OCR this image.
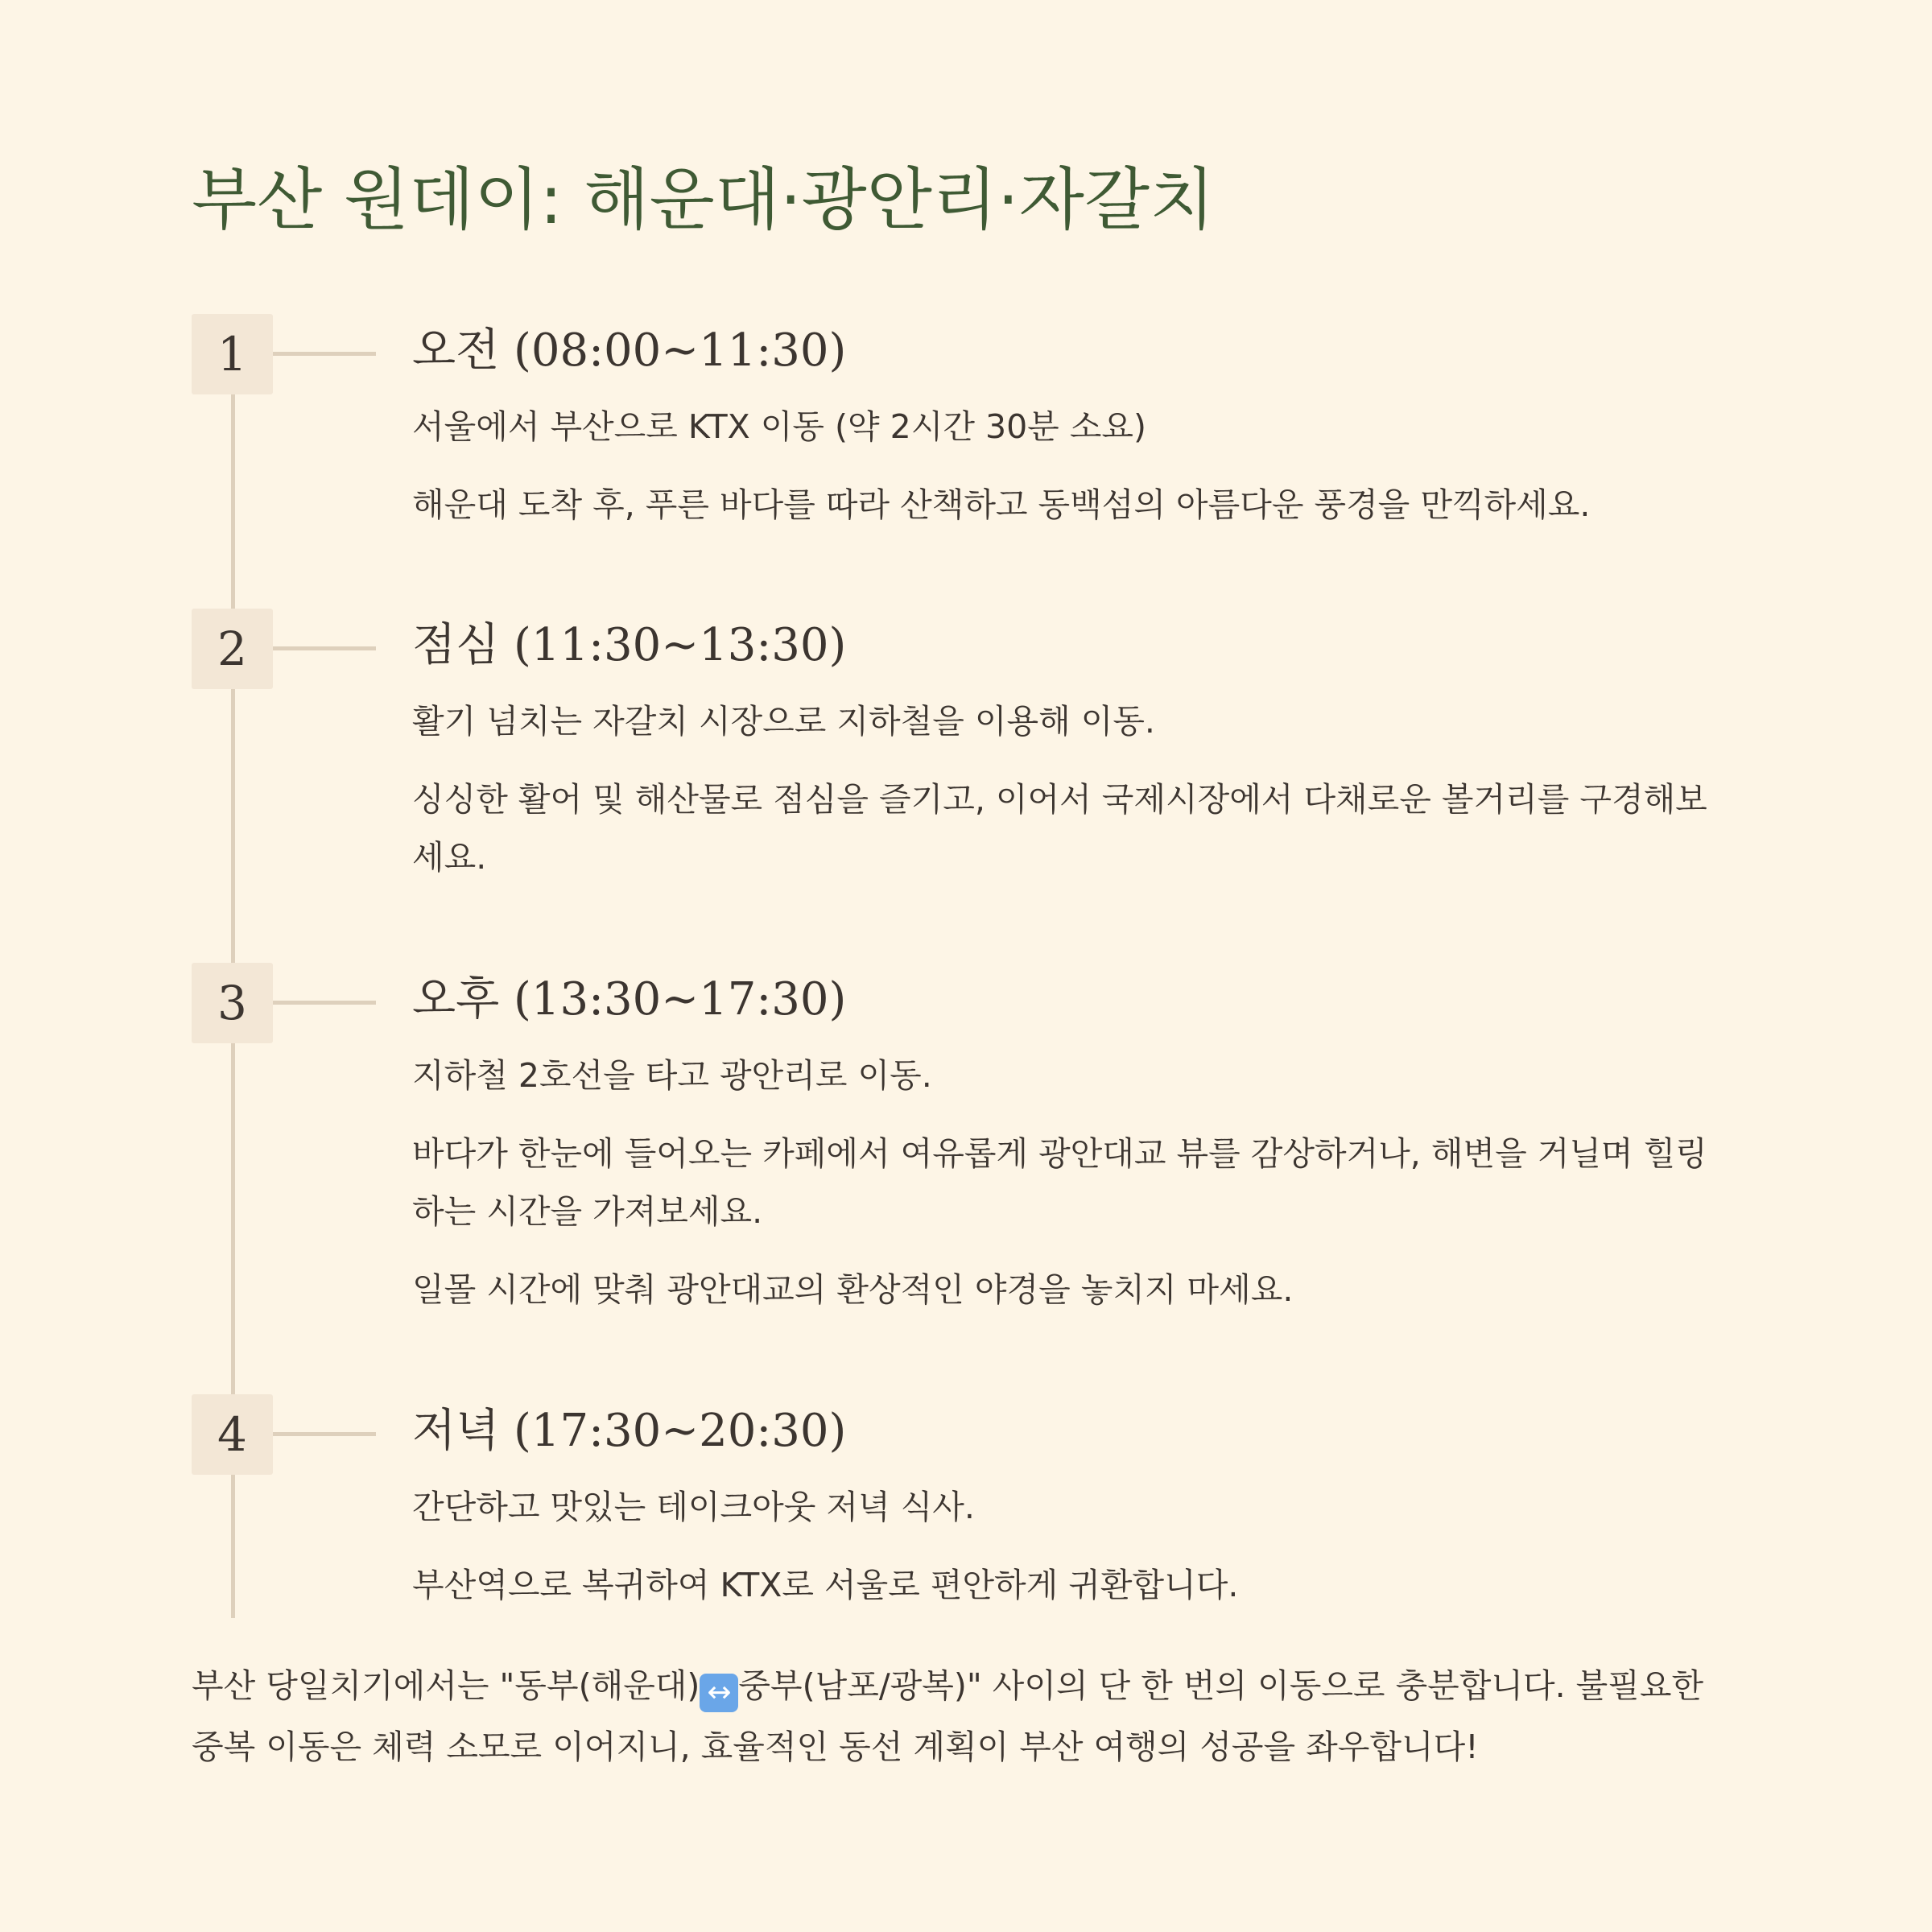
부산 원데이: 해운대·광안리·자갈치
1	오전 (08:00~11:30)

서울에서 부산으로 KTX 이동 (약 2시간 30분 소요)

해운대 도착 후, 푸른 바다를 따라 산책하고 동백섬의 아름다운 풍경을 만끽하세요.

2	점심 (11:30~13:30)

활기 넘치는 자갈치 시장으로 지하철을 이용해 이동.

싱싱한 활어 및 해산물로 점심을 즐기고, 이어서 국제시장에서 다채로운 볼거리를 구경해보세요.

3	오후 (13:30~17:30)

지하철 2호선을 타고 광안리로 이동.

바다가 한눈에 들어오는 카페에서 여유롭게 광안대교 뷰를 감상하거나, 해변을 거닐며 힐링하는 시간을 가져보세요.

일몰 시간에 맞춰 광안대교의 환상적인 야경을 놓치지 마세요.

4	저녁 (17:30~20:30)

간단하고 맛있는 테이크아웃 저녁 식사.

부산역으로 복귀하여 KTX로 서울로 편안하게 귀환합니다.

부산 당일치기에서는 "동부(해운대) ↔ 중부(남포/광복)" 사이의 단 한 번의 이동으로 충분합니다. 불필요한 중복 이동은 체력 소모로 이어지니, 효율적인 동선 계획이 부산 여행의 성공을 좌우합니다!
